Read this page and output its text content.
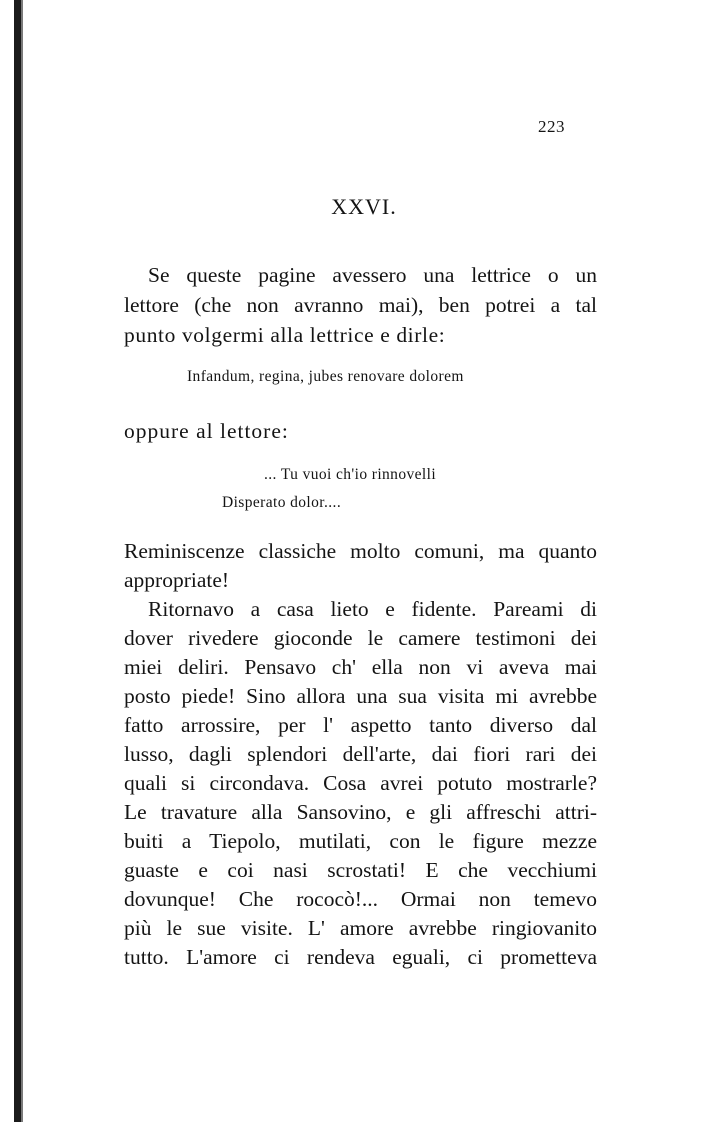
223
XXVI.
Se queste pagine avessero una lettrice o un
lettore (che non avranno mai), ben potrei a tal
punto volgermi alla lettrice e dirle:
Infandum, regina, jubes renovare dolorem
oppure al lettore:
... Tu vuoi ch'io rinnovelli
Disperato dolor....
Reminiscenze classiche molto comuni, ma quanto
appropriate!
Ritornavo a casa lieto e fidente. Pareami di
dover rivedere gioconde le camere testimoni dei
miei deliri. Pensavo ch' ella non vi aveva mai
posto piede! Sino allora una sua visita mi avrebbe
fatto arrossire, per l' aspetto tanto diverso dal
lusso, dagli splendori dell'arte, dai fiori rari dei
quali si circondava. Cosa avrei potuto mostrarle?
Le travature alla Sansovino, e gli affreschi attri-
buiti a Tiepolo, mutilati, con le figure mezze
guaste e coi nasi scrostati! E che vecchiumi
dovunque! Che rococò!... Ormai non temevo
più le sue visite. L' amore avrebbe ringiovanito
tutto. L'amore ci rendeva eguali, ci prometteva
